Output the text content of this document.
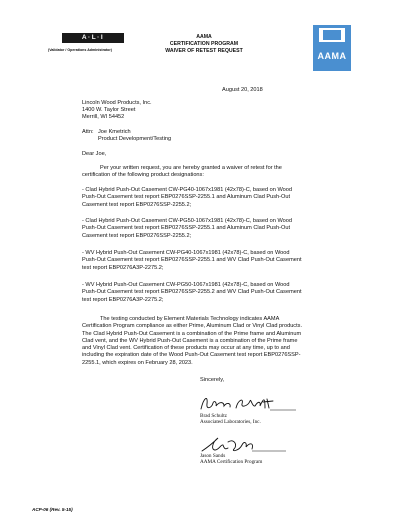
A·L·I
(Validator / Operations Administrator)
AAMA
CERTIFICATION PROGRAM
WAIVER OF RETEST REQUEST	AAMA
August 20, 2018
Lincoln Wood Products, Inc.
1400 W. Taylor Street
Merrill, WI 54452
Attn: Joe Kmetrich
Product Development/Testing
Dear Joe,
Per your written request, you are hereby granted a waiver of retest for the
certification of the following product designations:

- Clad Hybrid Push-Out Casement CW-PG40-1067x1981 (42x78)-C, based on Wood

Push-Out Casement test report EBP0276SSP-2255.1 and Aluminum Clad Push-Out

Casement test report EBP0276SSP-2255.2;

- Clad Hybrid Push-Out Casement CW-PG50-1067x1981 (42x78)-C, based on Wood

Push-Out Casement test report EBP0276SSP-2255.1 and Aluminum Clad Push-Out

Casement test report EBP0276SSP-2255.2;

- WV Hybrid Push-Out Casement CW-PG40-1067x1981 (42x78)-C, based on Wood

Push-Out Casement test report EBP0276SSP-2255.1 and WV Clad Push-Out Casement

test report EBP0276A3P-2275.2;

- WV Hybrid Push-Out Casement CW-PG50-1067x1981 (42x78)-C, based on Wood

Push-Out Casement test report EBP0276SSP-2255.2 and WV Clad Push-Out Casement

test report EBP0276A3P-2275.2;

The testing conducted by Element Materials Technology indicates AAMA

Certification Program compliance as either Prime, Aluminum Clad or Vinyl Clad products.

The Clad Hybrid Push-Out Casement is a combination of the Prime frame and Aluminum

Clad vent, and the WV Hybrid Push-Out Casement is a combination of the Prime frame

and Vinyl Clad vent. Certification of these products may occur at any time, up to and

including the expiration date of the Wood Push-Out Casement test report EBP0276SSP-

2255.1, which expires on February 28, 2023.

Sincerely,
Brad Schultz
Associated Laboratories, Inc.
Jason Sands
AAMA Certification Program
ACP-06 (Rev. 5-15)
